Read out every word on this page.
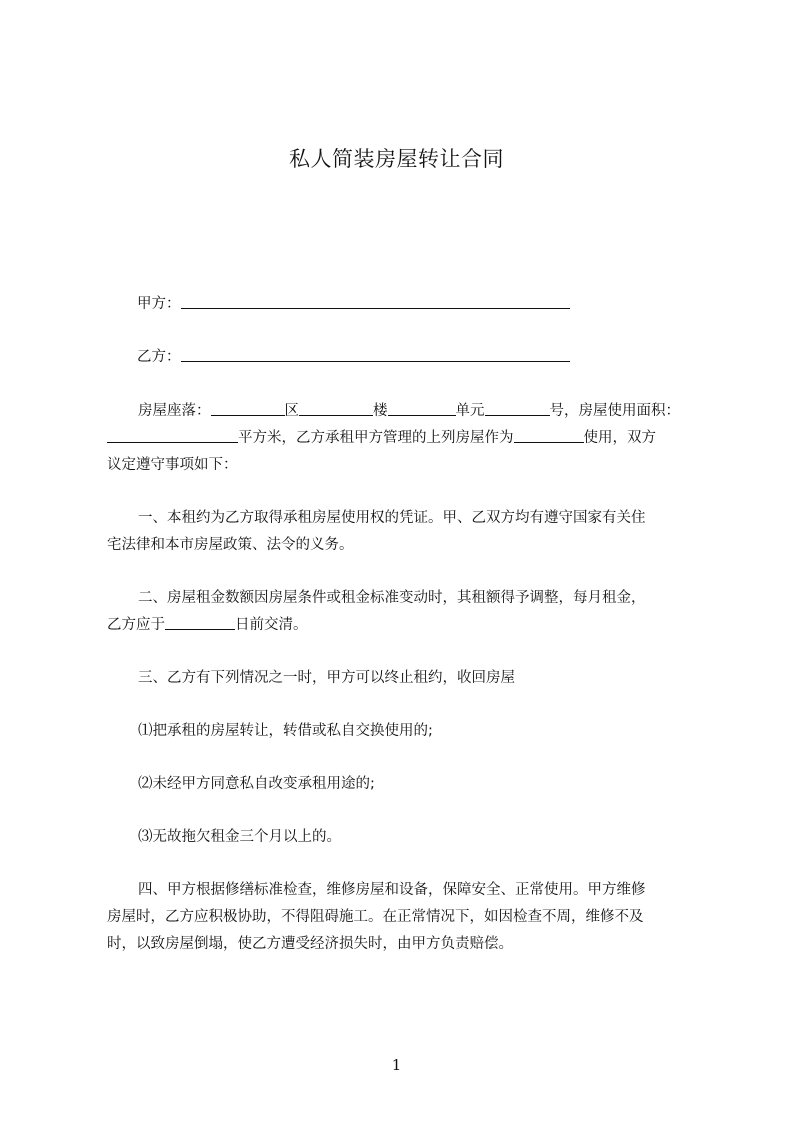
私人简装房屋转让合同
甲方：
乙方：
房屋座落：	区	楼	单元	号，房屋使用面积：
平方米，乙方承租甲方管理的上列房屋作为	使用，双方
议定遵守事项如下：
一、本租约为乙方取得承租房屋使用权的凭证。甲、乙双方均有遵守国家有关住
宅法律和本市房屋政策、法令的义务。
二、房屋租金数额因房屋条件或租金标准变动时，其租额得予调整，每月租金，
乙方应于	日前交清。
三、乙方有下列情况之一时，甲方可以终止租约，收回房屋
⑴把承租的房屋转让，转借或私自交换使用的;
⑵未经甲方同意私自改变承租用途的;
⑶无故拖欠租金三个月以上的。
四、甲方根据修缮标准检查，维修房屋和设备，保障安全、正常使用。甲方维修
房屋时，乙方应积极协助，不得阻碍施工。在正常情况下，如因检查不周，维修不及
时，以致房屋倒塌，使乙方遭受经济损失时，由甲方负责赔偿。
1
